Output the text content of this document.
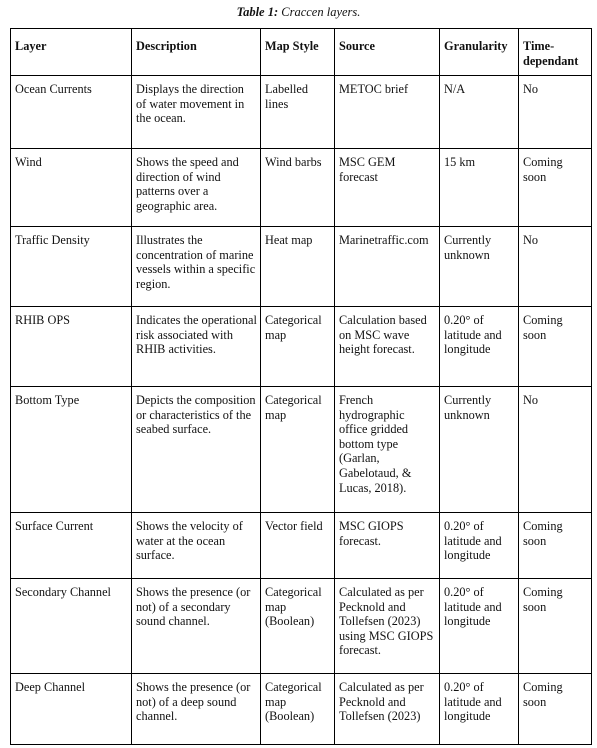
Table 1: Craccen layers.
Layer	Description	Map Style	Source	Granularity	Time-dependant
Ocean Currents	Displays the direction of water movement in the ocean.	Labelled lines	METOC brief	N/A	No
Wind	Shows the speed and direction of wind patterns over a geographic area.	Wind barbs	MSC GEM forecast	15 km	Coming soon
Traffic Density	Illustrates the concentration of marine vessels within a specific region.	Heat map	Marinetraffic.com	Currently unknown	No
RHIB OPS	Indicates the operational risk associated with RHIB activities.	Categorical map	Calculation based on MSC wave height forecast.	0.20° of latitude and longitude	Coming soon
Bottom Type	Depicts the composition or characteristics of the seabed surface.	Categorical map	French hydrographic office gridded bottom type (Garlan, Gabelotaud, & Lucas, 2018).	Currently unknown	No
Surface Current	Shows the velocity of water at the ocean surface.	Vector field	MSC GIOPS forecast.	0.20° of latitude and longitude	Coming soon
Secondary Channel	Shows the presence (or not) of a secondary sound channel.	Categorical map (Boolean)	Calculated as per Pecknold and Tollefsen (2023) using MSC GIOPS forecast.	0.20° of latitude and longitude	Coming soon
Deep Channel	Shows the presence (or not) of a deep sound channel.	Categorical map (Boolean)	Calculated as per Pecknold and Tollefsen (2023)	0.20° of latitude and longitude	Coming soon
